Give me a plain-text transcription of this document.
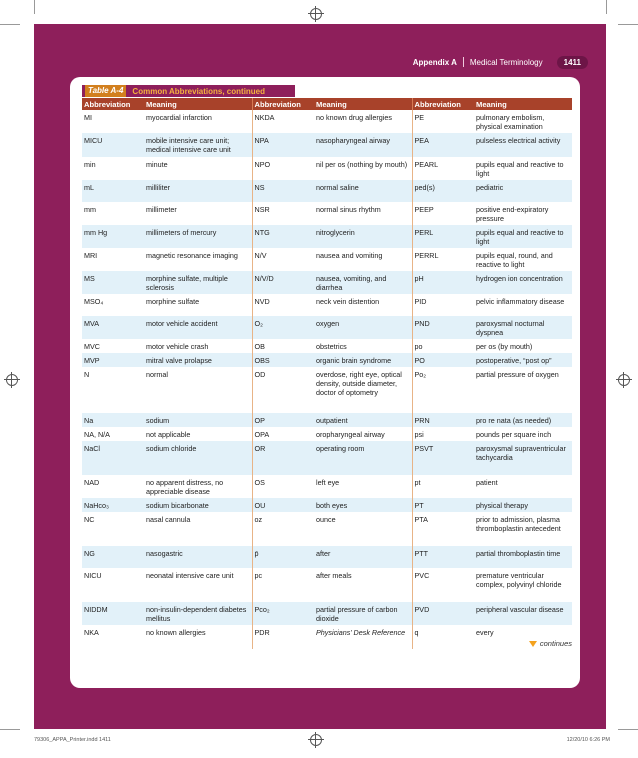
Appendix A Medical Terminology	1411
Table A-4	Common Abbreviations, continued
Abbreviation	Meaning	Abbreviation	Meaning	Abbreviation	Meaning
MI	myocardial infarction	NKDA	no known drug allergies	PE	pulmonary embolism, physical examination
MICU	mobile intensive care unit; medical intensive care unit	NPA	nasopharyngeal airway	PEA	pulseless electrical activity
min	minute	NPO	nil per os (nothing by mouth)	PEARL	pupils equal and reactive to light
mL	milliliter	NS	normal saline	ped(s)	pediatric
mm	millimeter	NSR	normal sinus rhythm	PEEP	positive end-expiratory pressure
mm Hg	millimeters of mercury	NTG	nitroglycerin	PERL	pupils equal and reactive to light
MRI	magnetic resonance imaging	N/V	nausea and vomiting	PERRL	pupils equal, round, and reactive to light
MS	morphine sulfate, multiple sclerosis	N/V/D	nausea, vomiting, and diarrhea	pH	hydrogen ion concentration
MSO₄	morphine sulfate	NVD	neck vein distention	PID	pelvic inflammatory disease
MVA	motor vehicle accident	O₂	oxygen	PND	paroxysmal nocturnal dyspnea
MVC	motor vehicle crash	OB	obstetrics	po	per os (by mouth)
MVP	mitral valve prolapse	OBS	organic brain syndrome	PO	postoperative, “post op”
N	normal	OD	overdose, right eye, optical density, outside diameter, doctor of optometry	Po₂	partial pressure of oxygen
Na	sodium	OP	outpatient	PRN	pro re nata (as needed)
NA, N/A	not applicable	OPA	oropharyngeal airway	psi	pounds per square inch
NaCl	sodium chloride	OR	operating room	PSVT	paroxysmal supraventricular tachycardia
NAD	no apparent distress, no appreciable disease	OS	left eye	pt	patient
NaHco₃	sodium bicarbonate	OU	both eyes	PT	physical therapy
NC	nasal cannula	oz	ounce	PTA	prior to admission, plasma thromboplastin antecedent
NG	nasogastric	p̄	after	PTT	partial thromboplastin time
NICU	neonatal intensive care unit	pc	after meals	PVC	premature ventricular complex, polyvinyl chloride
NIDDM	non-insulin-dependent diabetes mellitus	Pco₂	partial pressure of carbon dioxide	PVD	peripheral vascular disease
NKA	no known allergies	PDR	Physicians’ Desk Reference	q	every
continues
79306_APPA_Printer.indd 1411	12/20/10 6:26 PM
